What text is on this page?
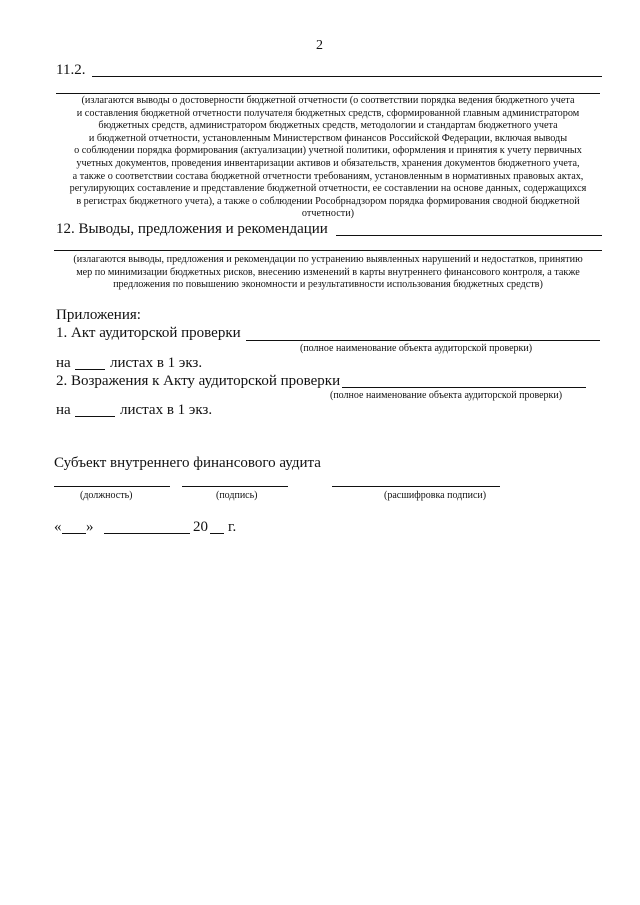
2
11.2.
(излагаются выводы о достоверности бюджетной отчетности (о соответствии порядка ведения бюджетного учета
и составления бюджетной отчетности получателя бюджетных средств, сформированной главным администратором
бюджетных средств, администратором бюджетных средств, методологии и стандартам бюджетного учета
и бюджетной отчетности, установленным Министерством финансов Российской Федерации, включая выводы
о соблюдении порядка формирования (актуализации) учетной политики, оформления и принятия к учету первичных
учетных документов, проведения инвентаризации активов и обязательств, хранения документов бюджетного учета,
а также о соответствии состава бюджетной отчетности требованиям, установленным в нормативных правовых актах,
регулирующих составление и представление бюджетной отчетности, ее составлении на основе данных, содержащихся
в регистрах бюджетного учета), а также о соблюдении Рособрнадзором порядка формирования сводной бюджетной
отчетности)
12. Выводы, предложения и рекомендации
(излагаются выводы, предложения и рекомендации по устранению выявленных нарушений и недостатков, принятию
мер по минимизации бюджетных рисков, внесению изменений в карты внутреннего финансового контроля, а также
предложения по повышению экономности и результативности использования бюджетных средств)
Приложения:
1. Акт аудиторской проверки
(полное наименование объекта аудиторской проверки)
на	листах в 1 экз.
2. Возражения к Акту аудиторской проверки
(полное наименование объекта аудиторской проверки)
на	листах в 1 экз.
Субъект внутреннего финансового аудита
(должность)	(подпись)	(расшифровка подписи)
« »	20 г.
